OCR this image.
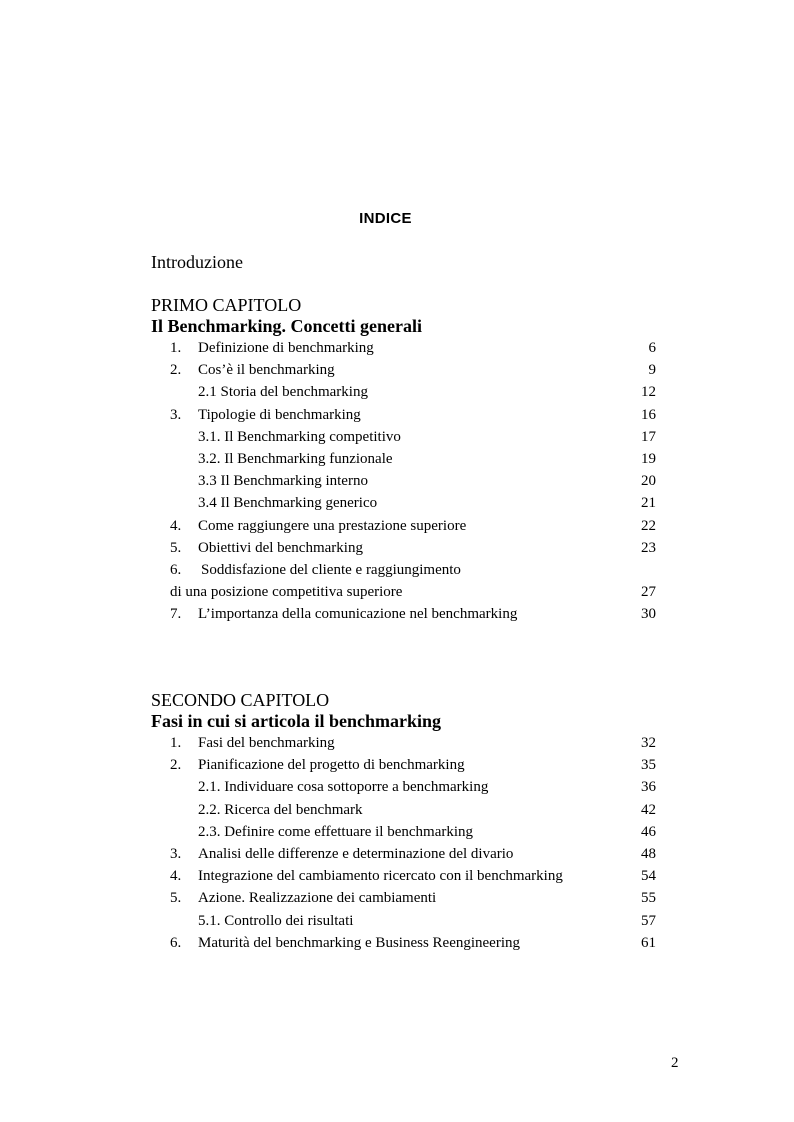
INDICE
Introduzione
PRIMO CAPITOLO
Il Benchmarking. Concetti generali
1. Definizione di benchmarking	6
2. Cos’è il benchmarking	9
2.1 Storia del benchmarking	12
3. Tipologie di benchmarking	16
3.1. Il Benchmarking competitivo	17
3.2. Il Benchmarking funzionale	19
3.3 Il Benchmarking interno	20
3.4 Il Benchmarking generico	21
4. Come raggiungere una prestazione superiore	22
5. Obiettivi del benchmarking	23
6. Soddisfazione del cliente e raggiungimento
di una posizione competitiva superiore	27
7. L’importanza della comunicazione nel benchmarking	30
SECONDO CAPITOLO
Fasi in cui si articola il benchmarking
1. Fasi del benchmarking	32
2. Pianificazione del progetto di benchmarking	35
2.1. Individuare cosa sottoporre a benchmarking	36
2.2. Ricerca del benchmark	42
2.3. Definire come effettuare il benchmarking	46
3. Analisi delle differenze e determinazione del divario	48
4. Integrazione del cambiamento ricercato con il benchmarking	54
5. Azione. Realizzazione dei cambiamenti	55
5.1. Controllo dei risultati	57
6. Maturità del benchmarking e Business Reengineering	61
2
